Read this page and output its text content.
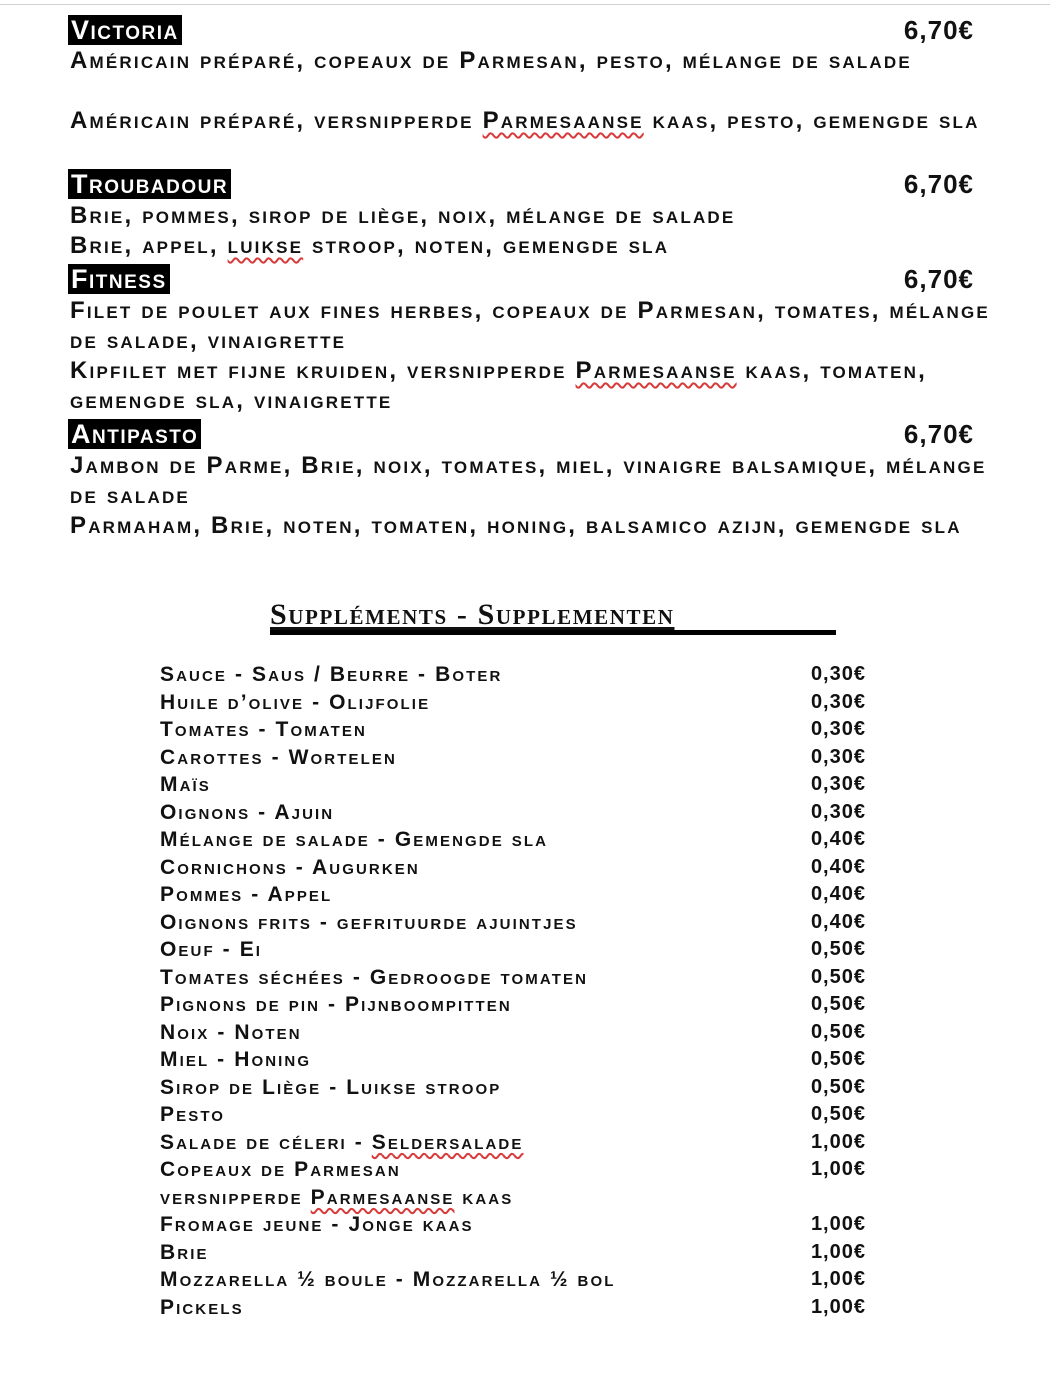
Victoria	6,70€
Américain préparé, copeaux de Parmesan, pesto, mélange de salade
Américain préparé, versnipperde Parmesaanse kaas, pesto, gemengde sla
Troubadour	6,70€
Brie, pommes, sirop de liège, noix, mélange de salade
Brie, appel, luikse stroop, noten, gemengde sla
Fitness	6,70€
Filet de poulet aux fines herbes, copeaux de Parmesan, tomates, mélange de salade, vinaigrette
Kipfilet met fijne kruiden, versnipperde Parmesaanse kaas, tomaten, gemengde sla, vinaigrette
Antipasto	6,70€
Jambon de Parme, Brie, noix, tomates, miel, vinaigre balsamique, mélange de salade
Parmaham, Brie, noten, tomaten, honing, balsamico azijn, gemengde sla
Suppléments - Supplementen
Sauce - Saus / Beurre - Boter	0,30€
Huile d’olive - Olijfolie	0,30€
Tomates - Tomaten	0,30€
Carottes - Wortelen	0,30€
Maïs	0,30€
Oignons - Ajuin	0,30€
Mélange de salade - Gemengde sla	0,40€
Cornichons - Augurken	0,40€
Pommes - Appel	0,40€
Oignons frits - gefrituurde ajuintjes	0,40€
Oeuf - Ei	0,50€
Tomates séchées - Gedroogde tomaten	0,50€
Pignons de pin - Pijnboompitten	0,50€
Noix - Noten	0,50€
Miel - Honing	0,50€
Sirop de Liège - Luikse stroop	0,50€
Pesto	0,50€
Salade de céleri - Seldersalade	1,00€
Copeaux de Parmesan	1,00€
versnipperde Parmesaanse kaas
Fromage jeune - Jonge kaas	1,00€
Brie	1,00€
Mozzarella ½ boule - Mozzarella ½ bol	1,00€
Pickels	1,00€
